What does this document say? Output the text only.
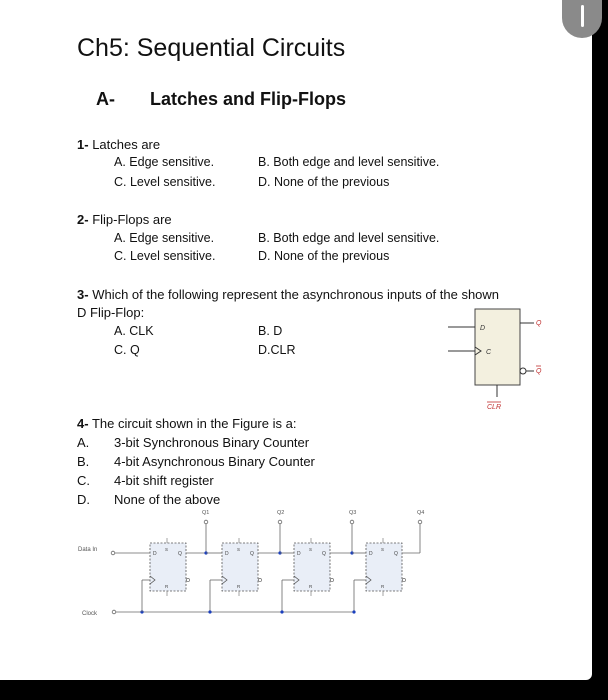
Ch5: Sequential Circuits
A- Latches and Flip-Flops
1- Latches are
A. Edge sensitive.	B. Both edge and level sensitive.
C. Level sensitive.	D. None of the previous
2- Flip-Flops are
A. Edge sensitive.	B. Both edge and level sensitive.
C. Level sensitive.	D. None of the previous
3- Which of the following represent the asynchronous inputs of the shown
D Flip-Flop:
A. CLK	B. D
C. Q	D.CLR
D
C
Q
Q
CLR
4- The circuit shown in the Figure is a:
A. 3-bit Synchronous Binary Counter
B. 4-bit Asynchronous Binary Counter
C. 4-bit shift register
D. None of the above
D
S
Q
R
D
S
Q
R
D
S
Q
R
D
S
Q
R
Data In
Clock
Q1	Q2	Q3	Q4
